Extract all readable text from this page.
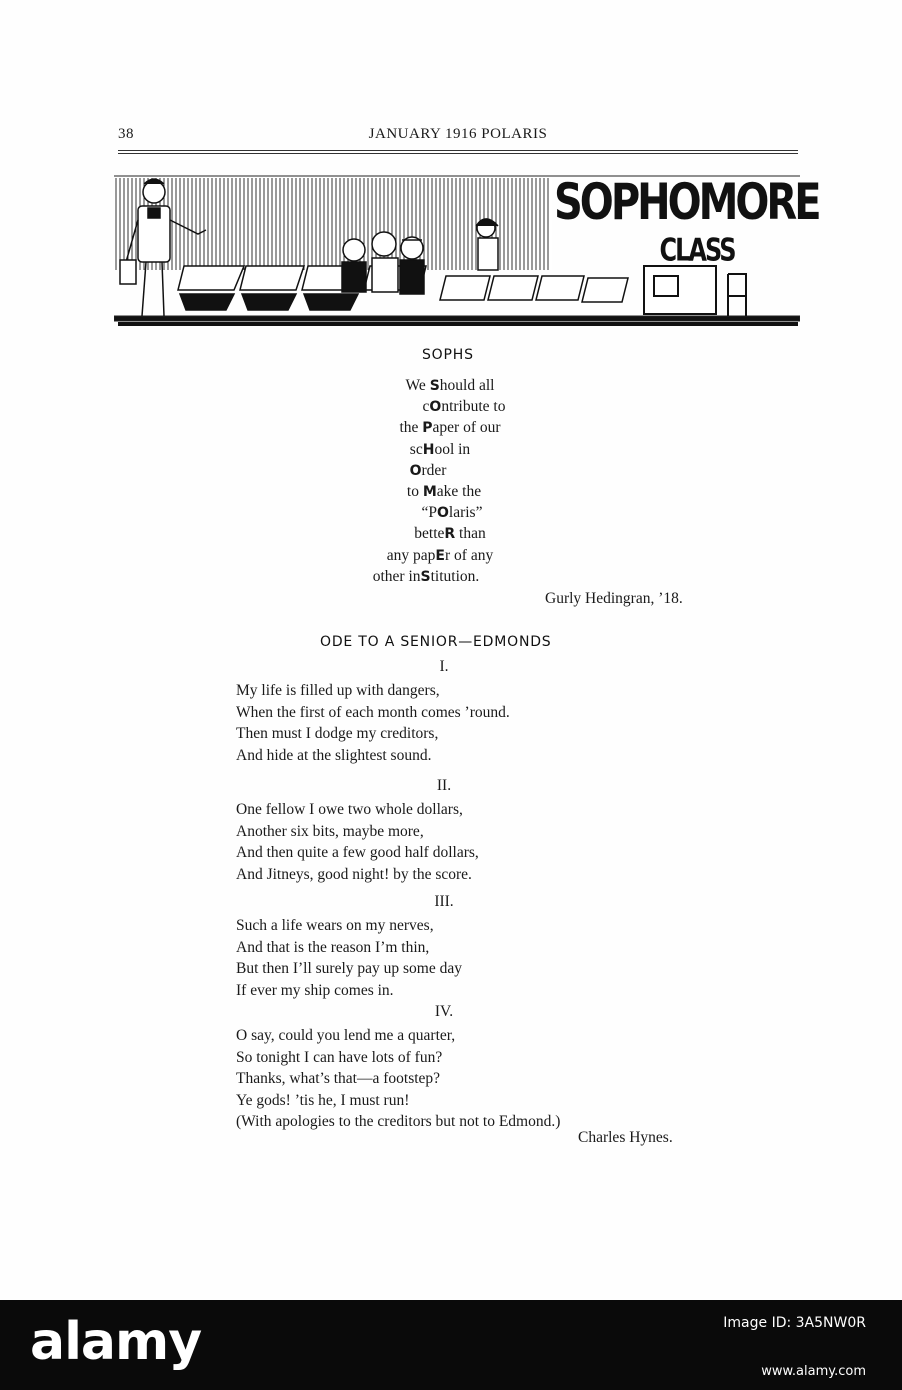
38	JANUARY 1916 POLARIS
SOPHOMORE
CLASS
SOPHS
We Should all
cOntribute to
the Paper of our
scHool in
Order
to Make the
“POlaris”
betteR than
any papEr of any
other inStitution.
Gurly Hedingran, ’18.
ODE TO A SENIOR—EDMONDS
I.
My life is filled up with dangers,
When the first of each month comes ’round.
Then must I dodge my creditors,
And hide at the slightest sound.
II.
One fellow I owe two whole dollars,
Another six bits, maybe more,
And then quite a few good half dollars,
And Jitneys, good night! by the score.
III.
Such a life wears on my nerves,
And that is the reason I’m thin,
But then I’ll surely pay up some day
If ever my ship comes in.
IV.
O say, could you lend me a quarter,
So tonight I can have lots of fun?
Thanks, what’s that—a footstep?
Ye gods! ’tis he, I must run!
(With apologies to the creditors but not to Edmond.)
Charles Hynes.
alamy	Image ID: 3A5NW0R
www.alamy.com
